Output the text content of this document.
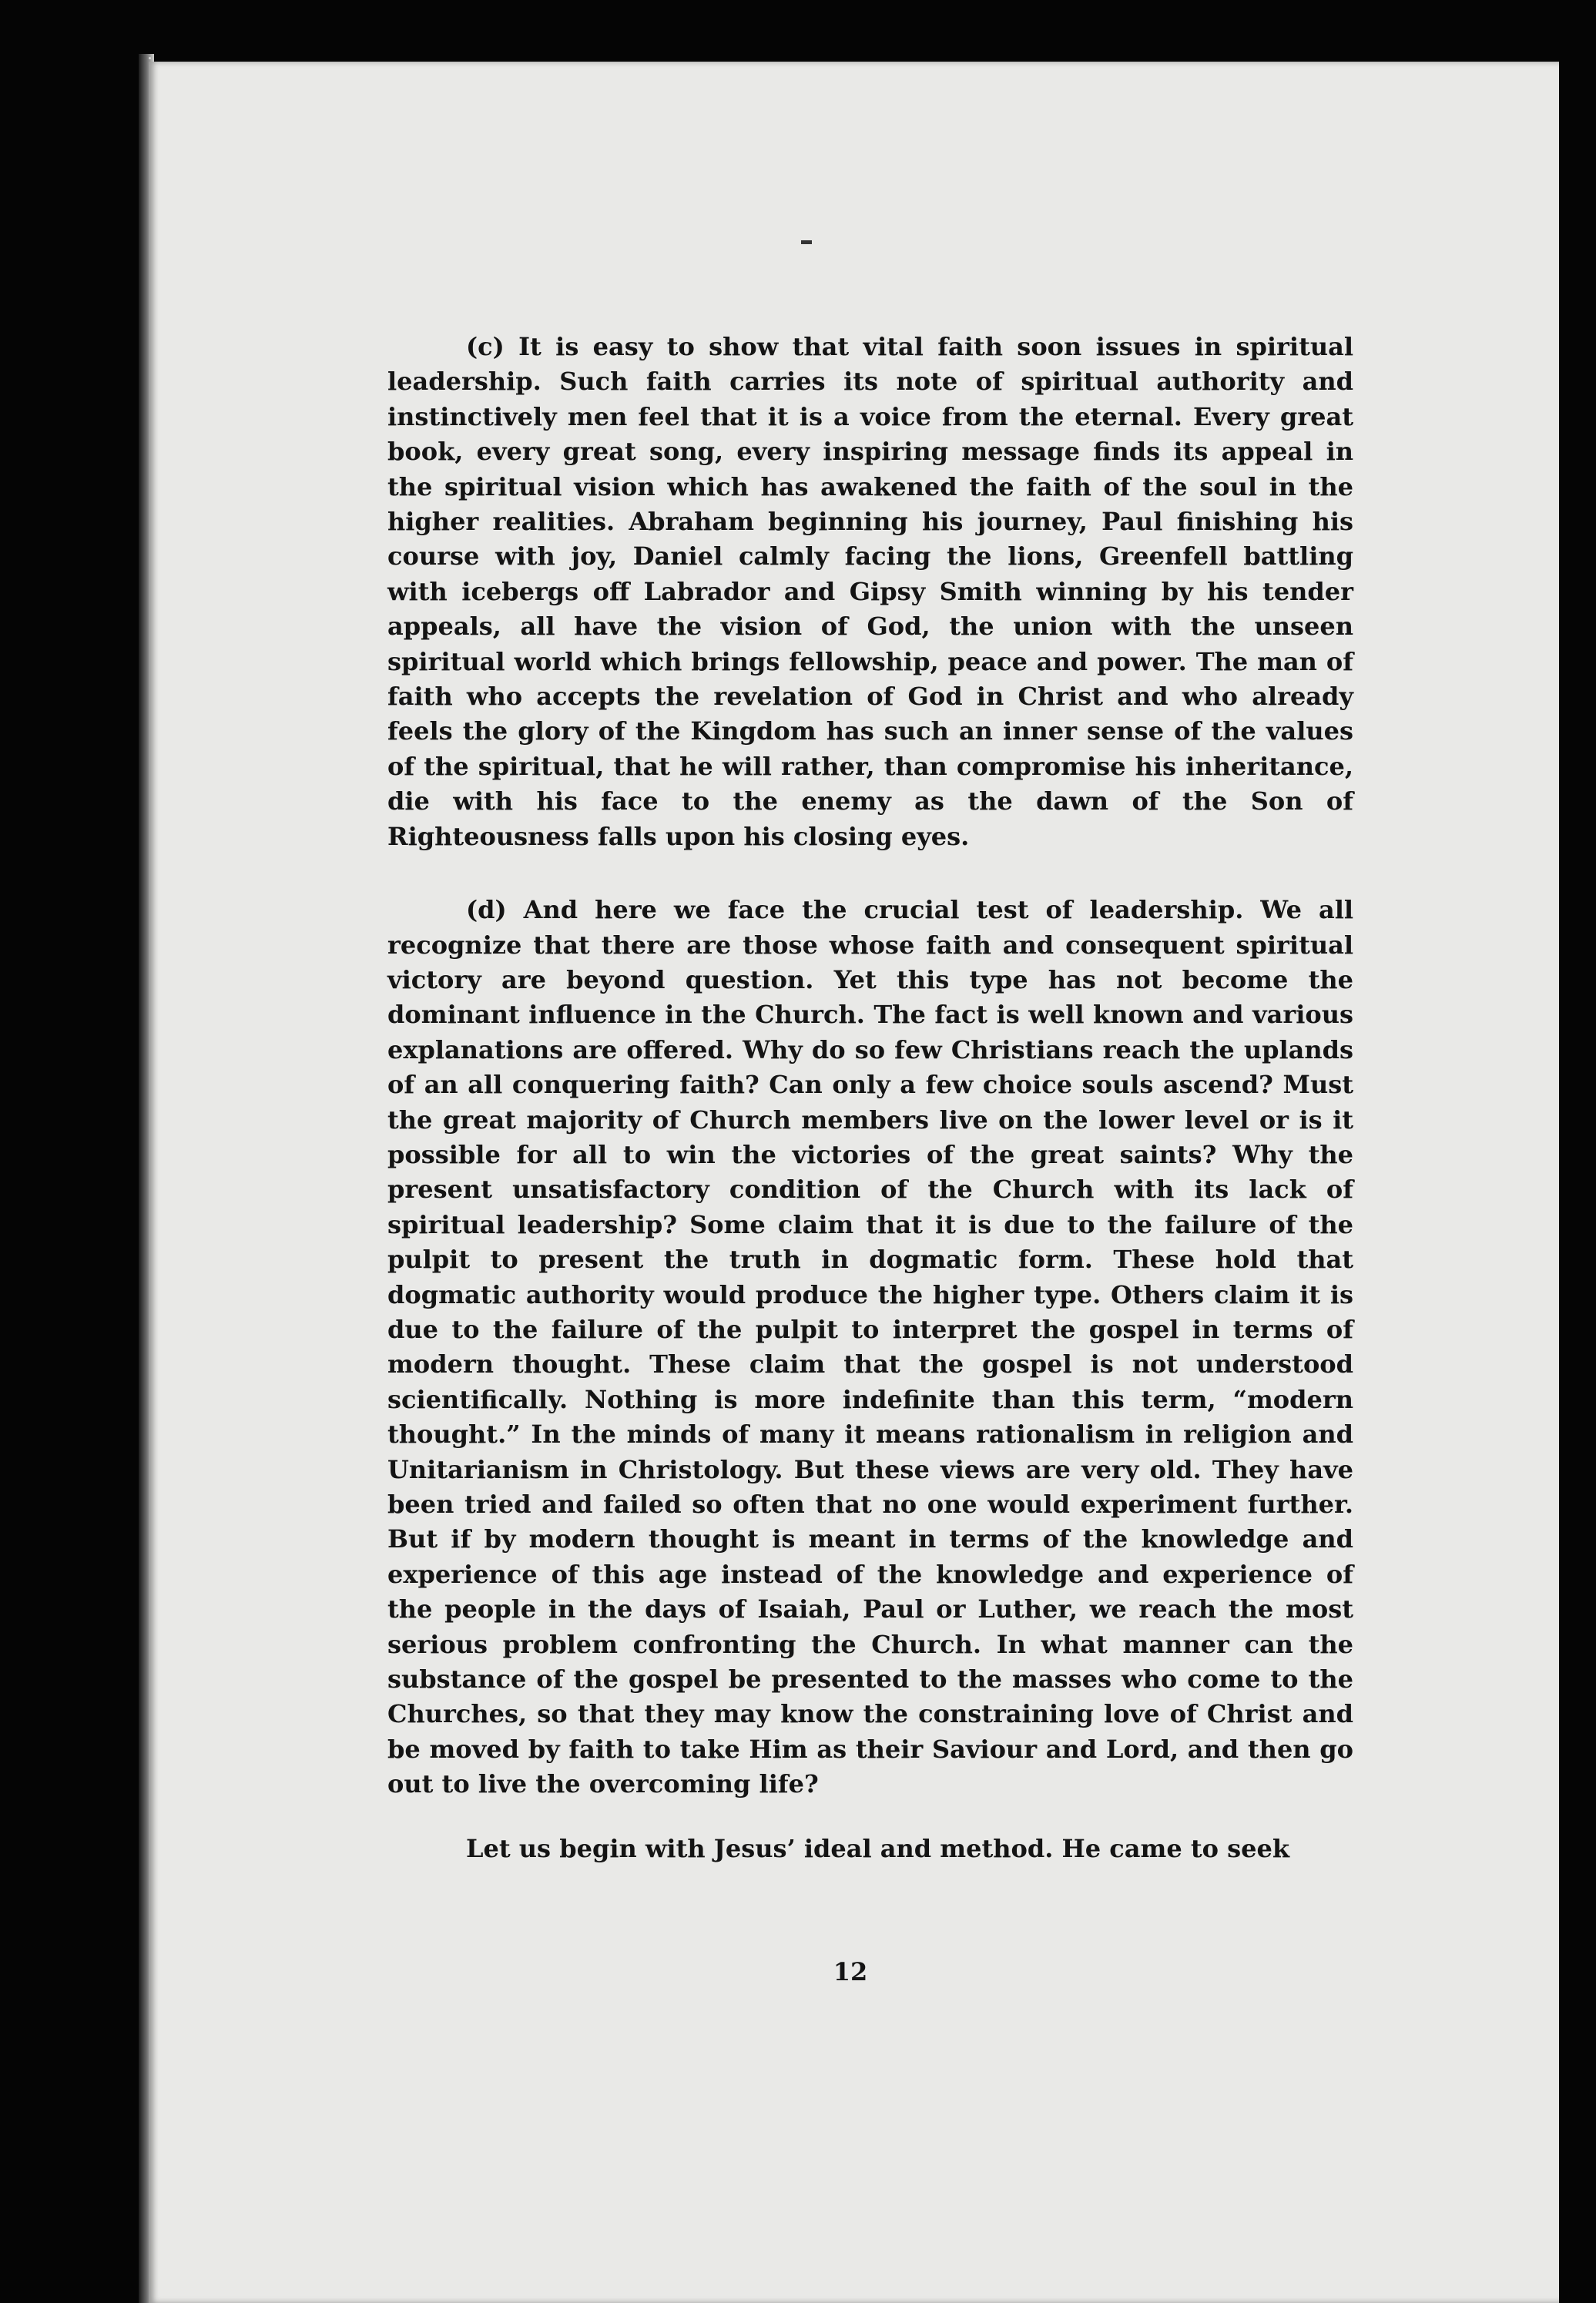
(c) It is easy to show that vital faith soon issues in spiritual leadership. Such faith carries its note of spiritual authority and instinctively men feel that it is a voice from the eternal. Every great book, every great song, every inspiring message finds its appeal in the spiritual vision which has awakened the faith of the soul in the higher realities. Abraham beginning his journey, Paul finishing his course with joy, Daniel calmly facing the lions, Greenfell battling with icebergs off Labrador and Gipsy Smith winning by his tender appeals, all have the vision of God, the union with the unseen spiritual world which brings fellowship, peace and power. The man of faith who accepts the revelation of God in Christ and who already feels the glory of the Kingdom has such an inner sense of the values of the spiritual, that he will rather, than compromise his inheritance, die with his face to the enemy as the dawn of the Son of Righteousness falls upon his closing eyes.

(d) And here we face the crucial test of leadership. We all recognize that there are those whose faith and consequent spiritual victory are beyond question. Yet this type has not become the dominant influence in the Church. The fact is well known and various explanations are offered. Why do so few Christians reach the uplands of an all conquering faith? Can only a few choice souls ascend? Must the great majority of Church members live on the lower level or is it possible for all to win the victories of the great saints? Why the present unsatisfactory condition of the Church with its lack of spiritual leadership? Some claim that it is due to the failure of the pulpit to present the truth in dogmatic form. These hold that dogmatic authority would produce the higher type. Others claim it is due to the failure of the pulpit to interpret the gospel in terms of modern thought. These claim that the gospel is not understood scientifically. Nothing is more indefinite than this term, “modern thought.” In the minds of many it means rationalism in religion and Unitarianism in Christology. But these views are very old. They have been tried and failed so often that no one would experiment further. But if by modern thought is meant in terms of the knowledge and experience of this age instead of the knowledge and experience of the people in the days of Isaiah, Paul or Luther, we reach the most serious problem confronting the Church. In what manner can the substance of the gospel be presented to the masses who come to the Churches, so that they may know the constraining love of Christ and be moved by faith to take Him as their Saviour and Lord, and then go out to live the overcoming life?

Let us begin with Jesus’ ideal and method. He came to seek

12
